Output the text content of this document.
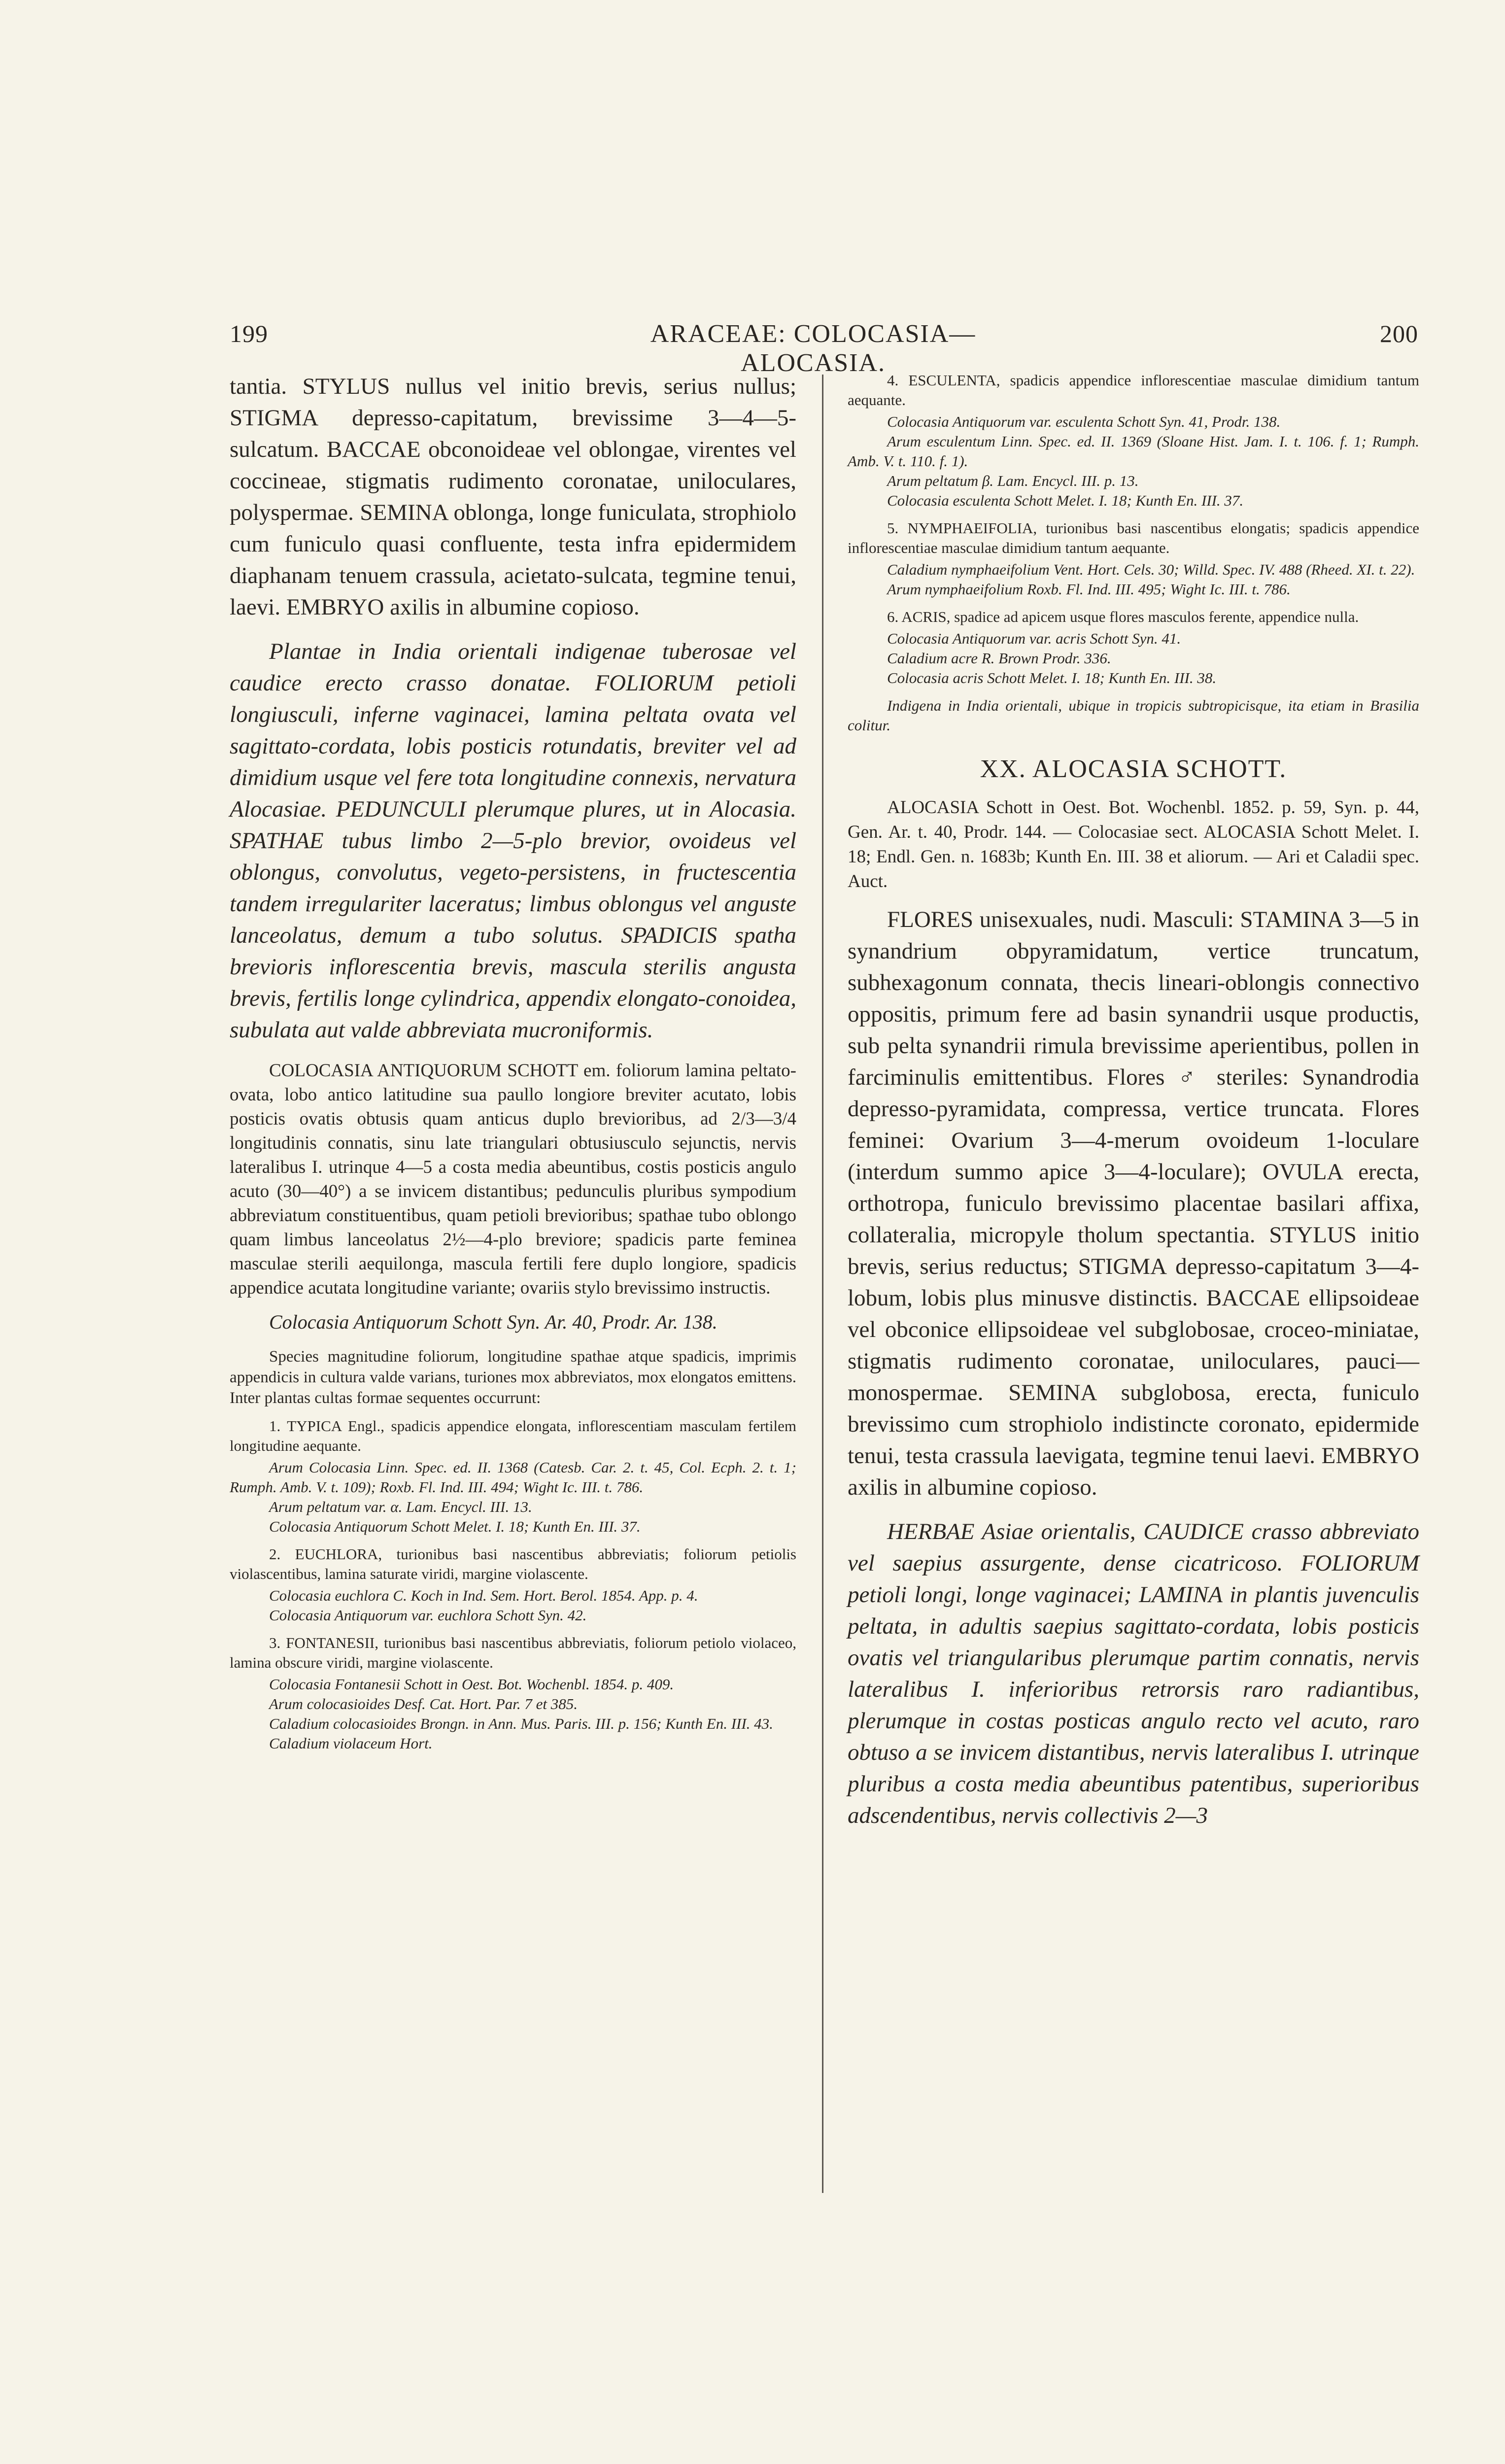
199	ARACEAE: COLOCASIA—ALOCASIA.
200

tantia. STYLUS nullus vel initio brevis, serius nullus; STIGMA depresso-capitatum, brevissime 3—4—5-sulcatum. BACCAE obconoideae vel oblongae, virentes vel coccineae, stigmatis rudimento coronatae, uniloculares, polyspermae. SEMINA oblonga, longe funiculata, strophiolo cum funiculo quasi confluente, testa infra epidermidem diaphanam tenuem crassula, acietato-sulcata, tegmine tenui, laevi. EMBRYO axilis in albumine copioso.

Plantae in India orientali indigenae tuberosae vel caudice erecto crasso donatae. FOLIORUM petioli longiusculi, inferne vaginacei, lamina peltata ovata vel sagittato-cordata, lobis posticis rotundatis, breviter vel ad dimidium usque vel fere tota longitudine connexis, nervatura Alocasiae. PEDUNCULI plerumque plures, ut in Alocasia. SPATHAE tubus limbo 2—5-plo brevior, ovoideus vel oblongus, convolutus, vegeto-persistens, in fructescentia tandem irregulariter laceratus; limbus oblongus vel anguste lanceolatus, demum a tubo solutus. SPADICIS spatha brevioris inflorescentia brevis, mascula sterilis angusta brevis, fertilis longe cylindrica, appendix elongato-conoidea, subulata aut valde abbreviata mucroniformis.

COLOCASIA ANTIQUORUM SCHOTT em. foliorum lamina peltato-ovata, lobo antico latitudine sua paullo longiore breviter acutato, lobis posticis ovatis obtusis quam anticus duplo brevioribus, ad 2/3—3/4 longitudinis connatis, sinu late triangulari obtusiusculo sejunctis, nervis lateralibus I. utrinque 4—5 a costa media abeuntibus, costis posticis angulo acuto (30—40°) a se invicem distantibus; pedunculis pluribus sympodium abbreviatum constituentibus, quam petioli brevioribus; spathae tubo oblongo quam limbus lanceolatus 2½—4-plo breviore; spadicis parte feminea masculae sterili aequilonga, mascula fertili fere duplo longiore, spadicis appendice acutata longitudine variante; ovariis stylo brevissimo instructis.

Colocasia Antiquorum Schott Syn. Ar. 40, Prodr. Ar. 138.

Species magnitudine foliorum, longitudine spathae atque spadicis, imprimis appendicis in cultura valde varians, turiones mox abbreviatos, mox elongatos emittens. Inter plantas cultas formae sequentes occurrunt:

1. TYPICA Engl., spadicis appendice elongata, inflorescentiam masculam fertilem longitudine aequante.

Arum Colocasia Linn. Spec. ed. II. 1368 (Catesb. Car. 2. t. 45, Col. Ecph. 2. t. 1; Rumph. Amb. V. t. 109); Roxb. Fl. Ind. III. 494; Wight Ic. III. t. 786.

Arum peltatum var. α. Lam. Encycl. III. 13.

Colocasia Antiquorum Schott Melet. I. 18; Kunth En. III. 37.

2. EUCHLORA, turionibus basi nascentibus abbreviatis; foliorum petiolis violascentibus, lamina saturate viridi, margine violascente.

Colocasia euchlora C. Koch in Ind. Sem. Hort. Berol. 1854. App. p. 4.

Colocasia Antiquorum var. euchlora Schott Syn. 42.

3. FONTANESII, turionibus basi nascentibus abbreviatis, foliorum petiolo violaceo, lamina obscure viridi, margine violascente.

Colocasia Fontanesii Schott in Oest. Bot. Wochenbl. 1854. p. 409.

Arum colocasioides Desf. Cat. Hort. Par. 7 et 385.

Caladium colocasioides Brongn. in Ann. Mus. Paris. III. p. 156; Kunth En. III. 43.

Caladium violaceum Hort.

4. ESCULENTA, spadicis appendice inflorescentiae masculae dimidium tantum aequante.

Colocasia Antiquorum var. esculenta Schott Syn. 41, Prodr. 138.

Arum esculentum Linn. Spec. ed. II. 1369 (Sloane Hist. Jam. I. t. 106. f. 1; Rumph. Amb. V. t. 110. f. 1).

Arum peltatum β. Lam. Encycl. III. p. 13.

Colocasia esculenta Schott Melet. I. 18; Kunth En. III. 37.

5. NYMPHAEIFOLIA, turionibus basi nascentibus elongatis; spadicis appendice inflorescentiae masculae dimidium tantum aequante.

Caladium nymphaeifolium Vent. Hort. Cels. 30; Willd. Spec. IV. 488 (Rheed. XI. t. 22).

Arum nymphaeifolium Roxb. Fl. Ind. III. 495; Wight Ic. III. t. 786.

6. ACRIS, spadice ad apicem usque flores masculos ferente, appendice nulla.

Colocasia Antiquorum var. acris Schott Syn. 41.

Caladium acre R. Brown Prodr. 336.

Colocasia acris Schott Melet. I. 18; Kunth En. III. 38.

Indigena in India orientali, ubique in tropicis subtropicisque, ita etiam in Brasilia colitur.

XX. ALOCASIA SCHOTT.

ALOCASIA Schott in Oest. Bot. Wochenbl. 1852. p. 59, Syn. p. 44, Gen. Ar. t. 40, Prodr. 144. — Colocasiae sect. ALOCASIA Schott Melet. I. 18; Endl. Gen. n. 1683b; Kunth En. III. 38 et aliorum. — Ari et Caladii spec. Auct.

FLORES unisexuales, nudi. Masculi: STAMINA 3—5 in synandrium obpyramidatum, vertice truncatum, subhexagonum connata, thecis lineari-oblongis connectivo oppositis, primum fere ad basin synandrii usque productis, sub pelta synandrii rimula brevissime aperientibus, pollen in farciminulis emittentibus. Flores ♂ steriles: Synandrodia depresso-pyramidata, compressa, vertice truncata. Flores feminei: Ovarium 3—4-merum ovoideum 1-loculare (interdum summo apice 3—4-loculare); OVULA erecta, orthotropa, funiculo brevissimo placentae basilari affixa, collateralia, micropyle tholum spectantia. STYLUS initio brevis, serius reductus; STIGMA depresso-capitatum 3—4-lobum, lobis plus minusve distinctis. BACCAE ellipsoideae vel obconice ellipsoideae vel subglobosae, croceo-miniatae, stigmatis rudimento coronatae, uniloculares, pauci—monospermae. SEMINA subglobosa, erecta, funiculo brevissimo cum strophiolo indistincte coronato, epidermide tenui, testa crassula laevigata, tegmine tenui laevi. EMBRYO axilis in albumine copioso.

HERBAE Asiae orientalis, CAUDICE crasso abbreviato vel saepius assurgente, dense cicatricoso. FOLIORUM petioli longi, longe vaginacei; LAMINA in plantis juvenculis peltata, in adultis saepius sagittato-cordata, lobis posticis ovatis vel triangularibus plerumque partim connatis, nervis lateralibus I. inferioribus retrorsis raro radiantibus, plerumque in costas posticas angulo recto vel acuto, raro obtuso a se invicem distantibus, nervis lateralibus I. utrinque pluribus a costa media abeuntibus patentibus, superioribus adscendentibus, nervis collectivis 2—3
